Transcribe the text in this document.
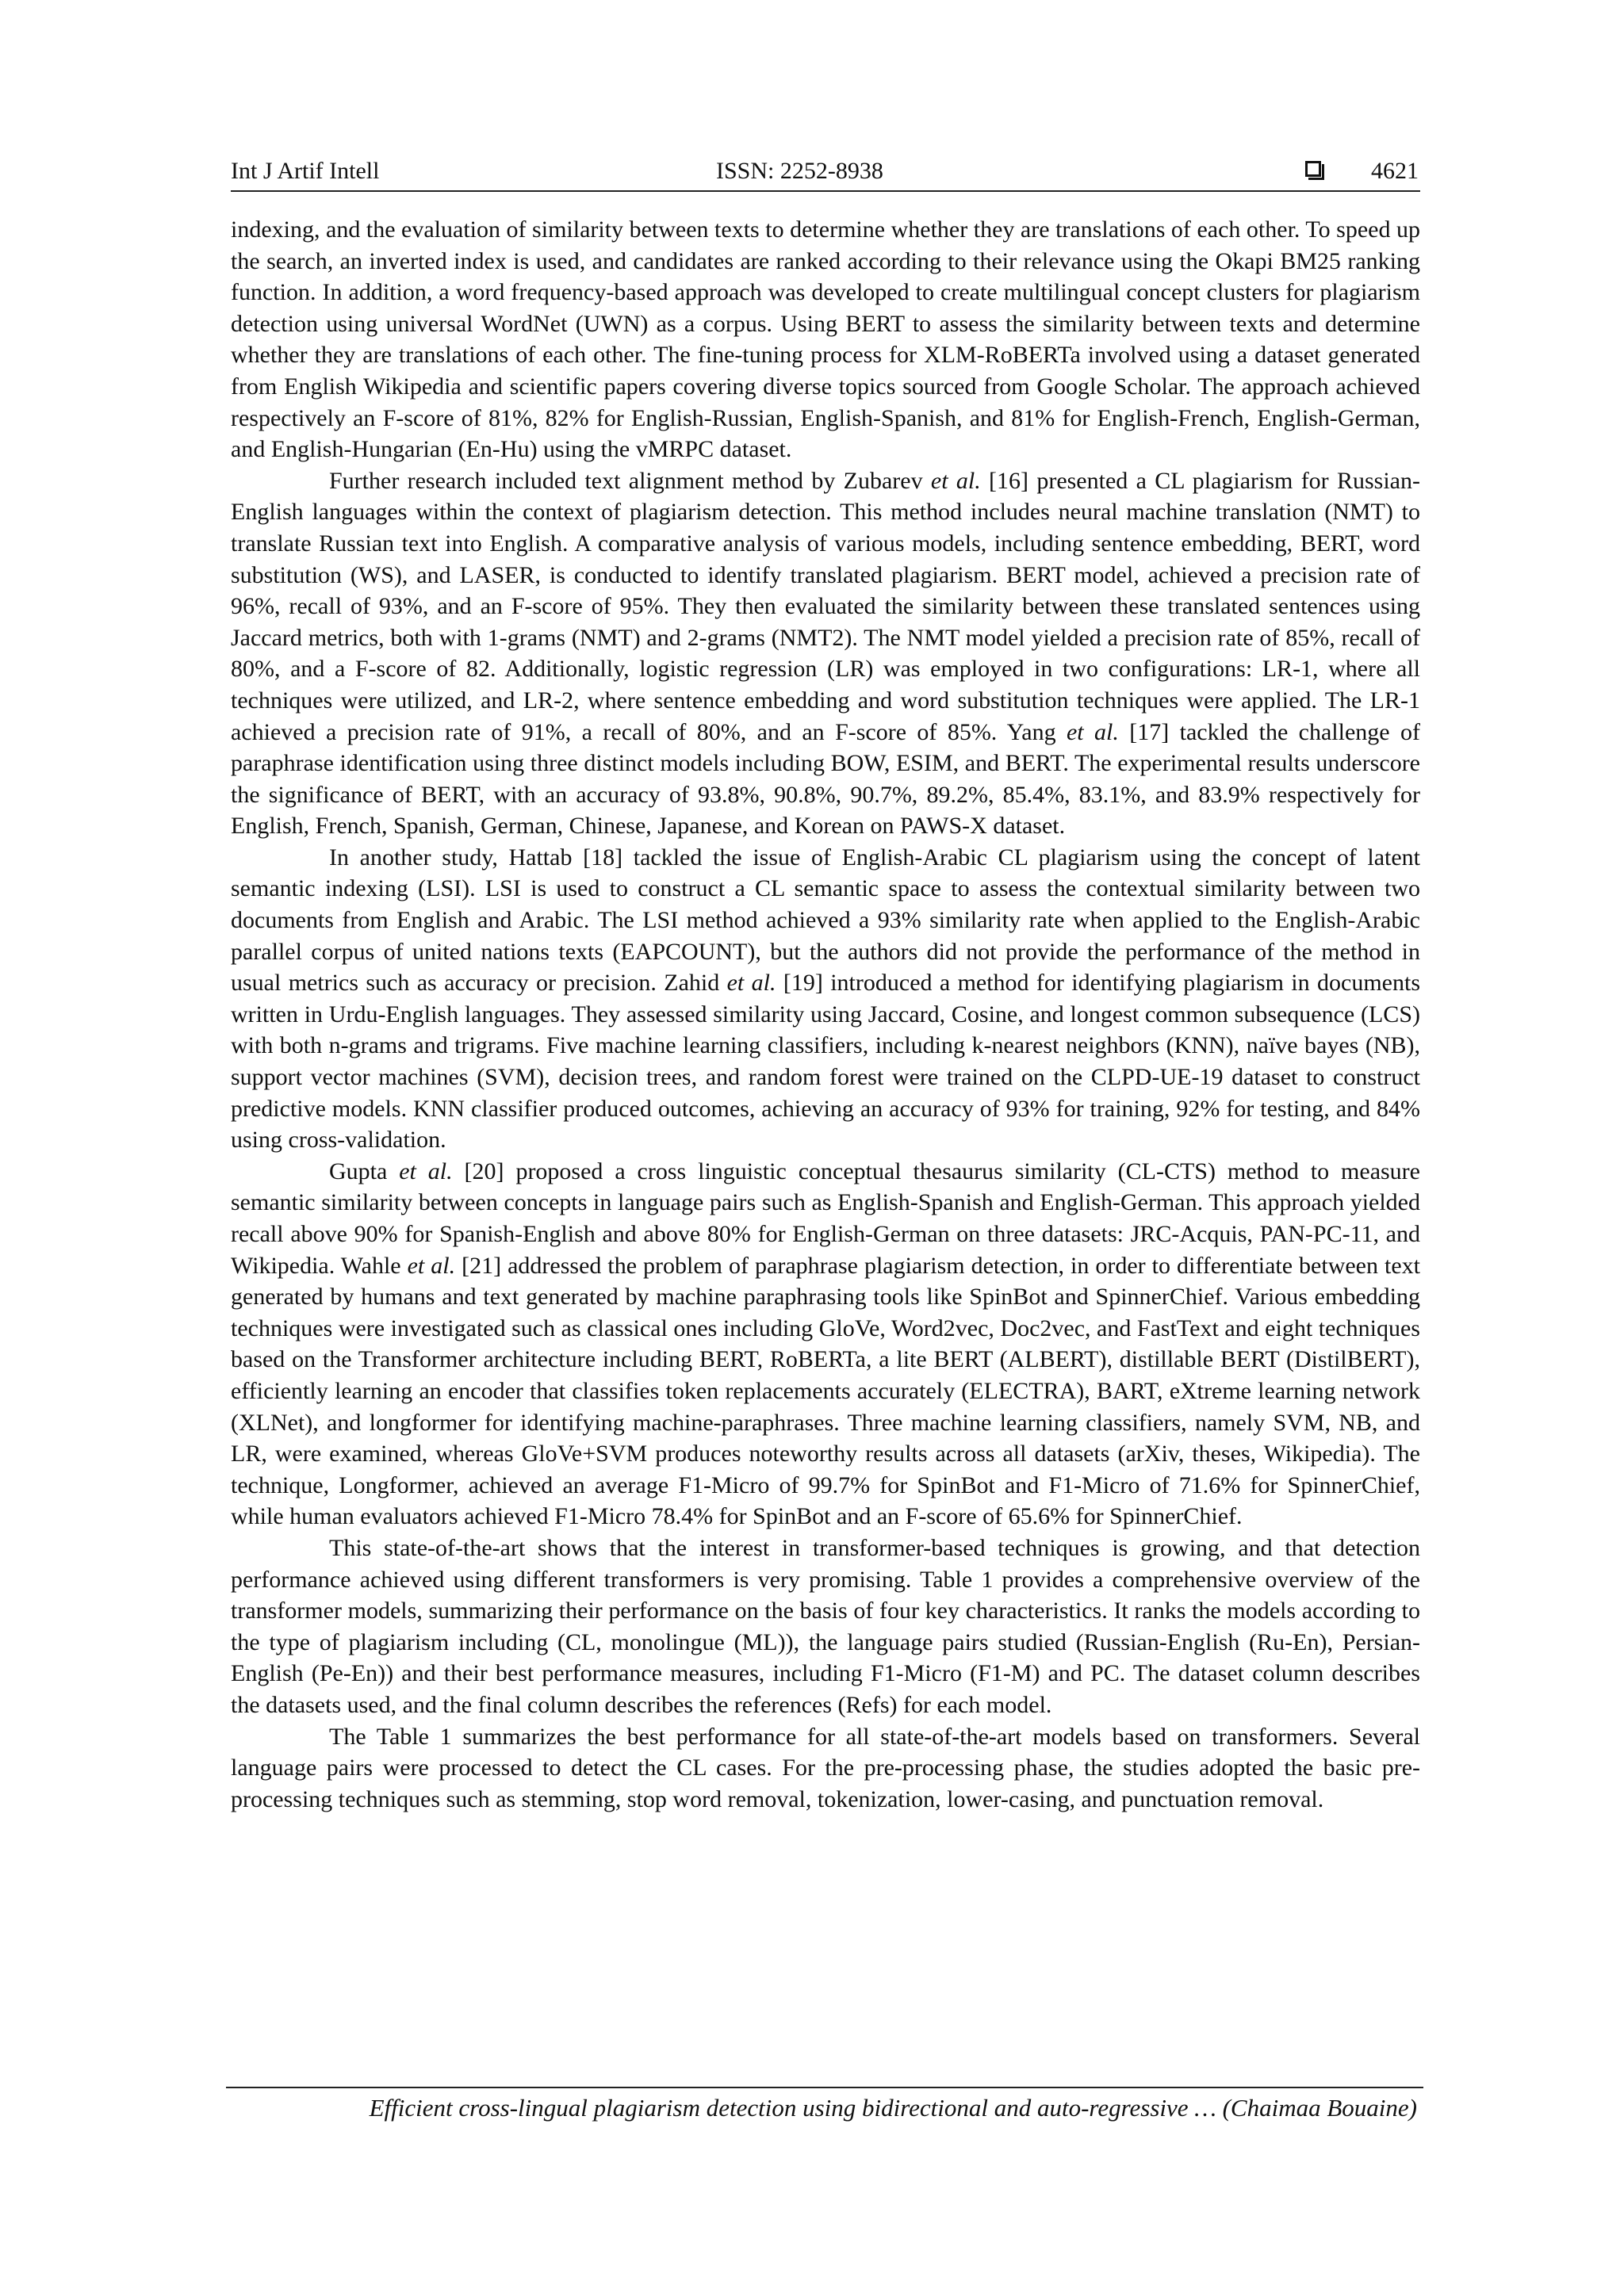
Int J Artif Intell	ISSN: 2252-8938	4621

indexing, and the evaluation of similarity between texts to determine whether they are translations of each other. To speed up the search, an inverted index is used, and candidates are ranked according to their relevance using the Okapi BM25 ranking function. In addition, a word frequency-based approach was developed to create multilingual concept clusters for plagiarism detection using universal WordNet (UWN) as a corpus. Using BERT to assess the similarity between texts and determine whether they are translations of each other. The fine-tuning process for XLM-RoBERTa involved using a dataset generated from English Wikipedia and scientific papers covering diverse topics sourced from Google Scholar. The approach achieved respectively an F-score of 81%, 82% for English-Russian, English-Spanish, and 81% for English-French, English-German, and English-Hungarian (En-Hu) using the vMRPC dataset.

Further research included text alignment method by Zubarev et al. [16] presented a CL plagiarism for Russian-English languages within the context of plagiarism detection. This method includes neural machine translation (NMT) to translate Russian text into English. A comparative analysis of various models, including sentence embedding, BERT, word substitution (WS), and LASER, is conducted to identify translated plagiarism. BERT model, achieved a precision rate of 96%, recall of 93%, and an F-score of 95%. They then evaluated the similarity between these translated sentences using Jaccard metrics, both with 1-grams (NMT) and 2-grams (NMT2). The NMT model yielded a precision rate of 85%, recall of 80%, and a F-score of 82. Additionally, logistic regression (LR) was employed in two configurations: LR-1, where all techniques were utilized, and LR-2, where sentence embedding and word substitution techniques were applied. The LR-1 achieved a precision rate of 91%, a recall of 80%, and an F-score of 85%. Yang et al. [17] tackled the challenge of paraphrase identification using three distinct models including BOW, ESIM, and BERT. The experimental results underscore the significance of BERT, with an accuracy of 93.8%, 90.8%, 90.7%, 89.2%, 85.4%, 83.1%, and 83.9% respectively for English, French, Spanish, German, Chinese, Japanese, and Korean on PAWS-X dataset.

In another study, Hattab [18] tackled the issue of English-Arabic CL plagiarism using the concept of latent semantic indexing (LSI). LSI is used to construct a CL semantic space to assess the contextual similarity between two documents from English and Arabic. The LSI method achieved a 93% similarity rate when applied to the English-Arabic parallel corpus of united nations texts (EAPCOUNT), but the authors did not provide the performance of the method in usual metrics such as accuracy or precision. Zahid et al. [19] introduced a method for identifying plagiarism in documents written in Urdu-English languages. They assessed similarity using Jaccard, Cosine, and longest common subsequence (LCS) with both n-grams and trigrams. Five machine learning classifiers, including k-nearest neighbors (KNN), naïve bayes (NB), support vector machines (SVM), decision trees, and random forest were trained on the CLPD-UE-19 dataset to construct predictive models. KNN classifier produced outcomes, achieving an accuracy of 93% for training, 92% for testing, and 84% using cross-validation.

Gupta et al. [20] proposed a cross linguistic conceptual thesaurus similarity (CL-CTS) method to measure semantic similarity between concepts in language pairs such as English-Spanish and English-German. This approach yielded recall above 90% for Spanish-English and above 80% for English-German on three datasets: JRC-Acquis, PAN-PC-11, and Wikipedia. Wahle et al. [21] addressed the problem of paraphrase plagiarism detection, in order to differentiate between text generated by humans and text generated by machine paraphrasing tools like SpinBot and SpinnerChief. Various embedding techniques were investigated such as classical ones including GloVe, Word2vec, Doc2vec, and FastText and eight techniques based on the Transformer architecture including BERT, RoBERTa, a lite BERT (ALBERT), distillable BERT (DistilBERT), efficiently learning an encoder that classifies token replacements accurately (ELECTRA), BART, eXtreme learning network (XLNet), and longformer for identifying machine-paraphrases. Three machine learning classifiers, namely SVM, NB, and LR, were examined, whereas GloVe+SVM produces noteworthy results across all datasets (arXiv, theses, Wikipedia). The technique, Longformer, achieved an average F1-Micro of 99.7% for SpinBot and F1-Micro of 71.6% for SpinnerChief, while human evaluators achieved F1-Micro 78.4% for SpinBot and an F-score of 65.6% for SpinnerChief.

This state-of-the-art shows that the interest in transformer-based techniques is growing, and that detection performance achieved using different transformers is very promising. Table 1 provides a comprehensive overview of the transformer models, summarizing their performance on the basis of four key characteristics. It ranks the models according to the type of plagiarism including (CL, monolingue (ML)), the language pairs studied (Russian-English (Ru-En), Persian-English (Pe-En)) and their best performance measures, including F1-Micro (F1-M) and PC. The dataset column describes the datasets used, and the final column describes the references (Refs) for each model.

The Table 1 summarizes the best performance for all state-of-the-art models based on transformers. Several language pairs were processed to detect the CL cases. For the pre-processing phase, the studies adopted the basic pre-processing techniques such as stemming, stop word removal, tokenization, lower-casing, and punctuation removal.

Efficient cross-lingual plagiarism detection using bidirectional and auto-regressive … (Chaimaa Bouaine)
